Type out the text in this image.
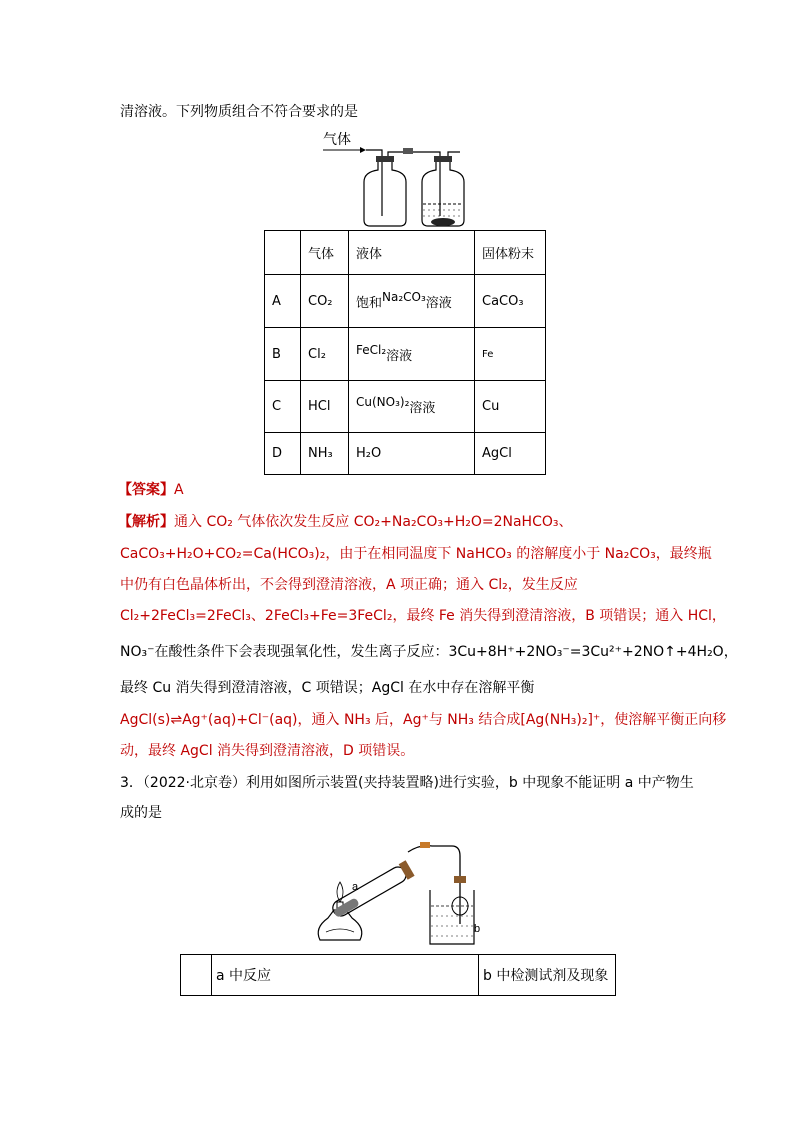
清溶液。下列物质组合不符合要求的是
气体
	气体	液体	固体粉末
A	CO₂	饱和Na₂CO₃溶液	CaCO₃
B	Cl₂	FeCl₂溶液	Fe
C	HCl	Cu(NO₃)₂溶液	Cu
D	NH₃	H₂O	AgCl
【答案】A
【解析】通入 CO₂ 气体依次发生反应 CO₂+Na₂CO₃+H₂O=2NaHCO₃、
CaCO₃+H₂O+CO₂=Ca(HCO₃)₂，由于在相同温度下 NaHCO₃ 的溶解度小于 Na₂CO₃，最终瓶
中仍有白色晶体析出，不会得到澄清溶液，A 项正确；通入 Cl₂，发生反应
Cl₂+2FeCl₃=2FeCl₃、2FeCl₃+Fe=3FeCl₂，最终 Fe 消失得到澄清溶液，B 项错误；通入 HCl，
NO₃⁻在酸性条件下会表现强氧化性，发生离子反应：3Cu+8H⁺+2NO₃⁻=3Cu²⁺+2NO↑+4H₂O，
最终 Cu 消失得到澄清溶液，C 项错误；AgCl 在水中存在溶解平衡
AgCl(s)⇌Ag⁺(aq)+Cl⁻(aq)，通入 NH₃ 后，Ag⁺与 NH₃ 结合成[Ag(NH₃)₂]⁺，使溶解平衡正向移
动，最终 AgCl 消失得到澄清溶液，D 项错误。
3．（2022·北京卷）利用如图所示装置(夹持装置略)进行实验，b 中现象不能证明 a 中产物生
成的是
a
b
	a 中反应	b 中检测试剂及现象
